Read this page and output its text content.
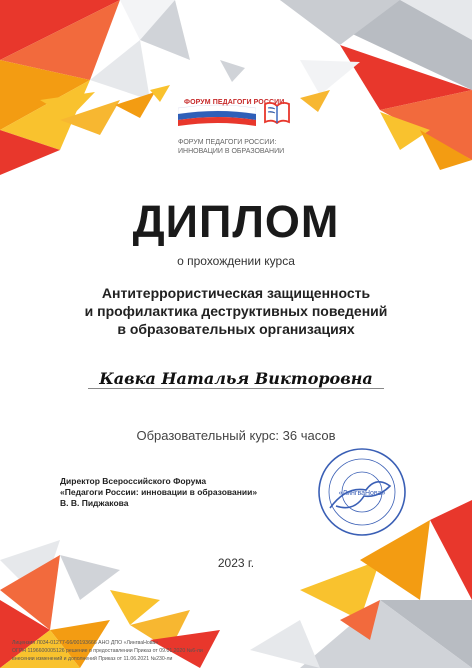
ФОРУМ ПЕДАГОГИ РОССИИ
ФОРУМ ПЕДАГОГИ РОССИИ:
ИННОВАЦИИ В ОБРАЗОВАНИИ
ДИПЛОМ
о прохождении курса
Антитеррористическая защищенность
и профилактика деструктивных поведений
в образовательных организациях
Кавка Наталья Викторовна
Образовательный курс: 36 часов
Директор Всероссийского Форума
«Педагоги России: инновации в образовании»
В. В. Пиджакова
«ЛингваНова»
2023 г.
Лицензия Л034-01277-66/00193666 АНО ДПО «ЛингваНова»
ОГРН 1196600005126 решение о предоставлении Приказ от 09.01.2020 №6-ли
внесении изменений и дополнений Приказ от 11.06.2021 №230-ли
